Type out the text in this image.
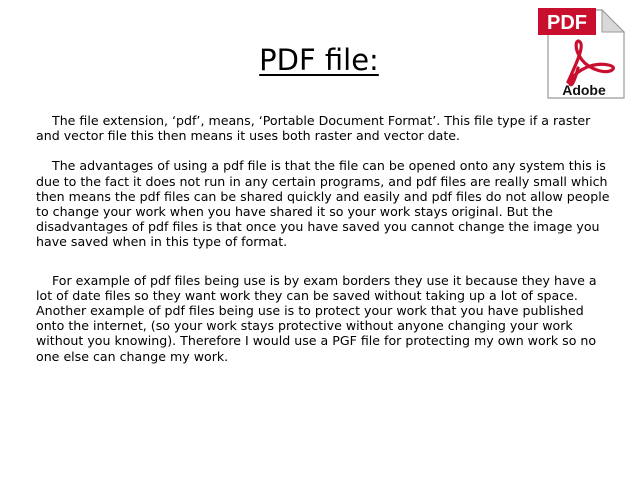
PDF file:
PDF
Adobe

The file extension, ‘pdf’, means, ‘Portable Document Format’. This file type if a raster and vector file this then means it uses both raster and vector date.

The advantages of using a pdf file is that the file can be opened onto any system this is due to the fact it does not run in any certain programs, and pdf files are really small which then means the pdf files can be shared quickly and easily and pdf files do not allow people to change your work when you have shared it so your work stays original. But the disadvantages of pdf files is that once you have saved you cannot change the image you have saved when in this type of format.

For example of pdf files being use is by exam borders they use it because they have a lot of date files so they want work they can be saved without taking up a lot of space. Another example of pdf files being use is to protect your work that you have published onto the internet, (so your work stays protective without anyone changing your work without you knowing). Therefore I would use a PGF file for protecting my own work so no one else can change my work.
